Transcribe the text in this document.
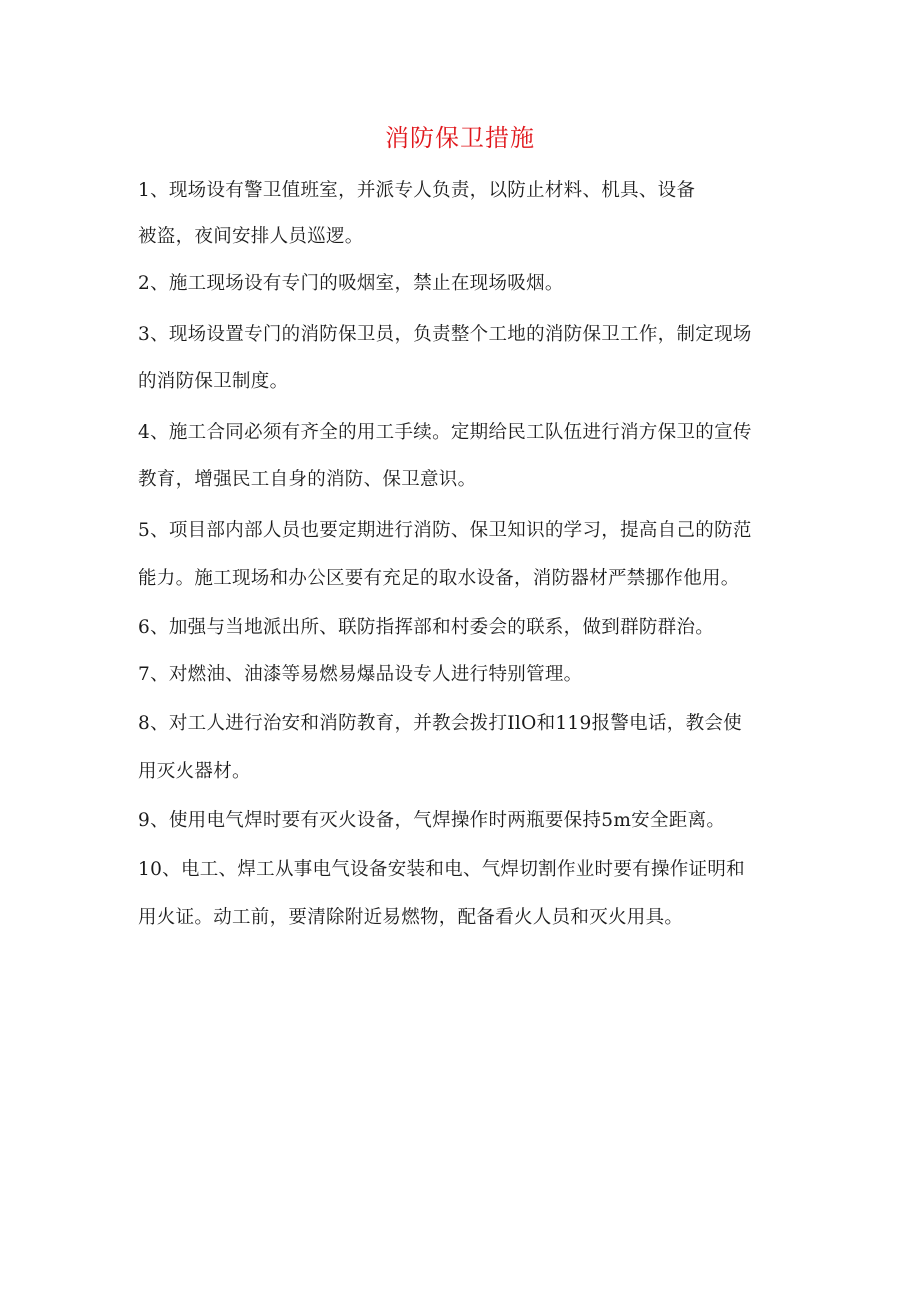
消防保卫措施
1、现场设有警卫值班室，并派专人负责，以防止材料、机具、设备
被盗，夜间安排人员巡逻。
2、施工现场设有专门的吸烟室，禁止在现场吸烟。
3、现场设置专门的消防保卫员，负责整个工地的消防保卫工作，制定现场
的消防保卫制度。
4、施工合同必须有齐全的用工手续。定期给民工队伍进行消方保卫的宣传
教育，增强民工自身的消防、保卫意识。
5、项目部内部人员也要定期进行消防、保卫知识的学习，提高自己的防范
能力。施工现场和办公区要有充足的取水设备，消防器材严禁挪作他用。
6、加强与当地派出所、联防指挥部和村委会的联系，做到群防群治。
7、对燃油、油漆等易燃易爆品设专人进行特别管理。
8、对工人进行治安和消防教育，并教会拨打IlO和119报警电话，教会使
用灭火器材。
9、使用电气焊时要有灭火设备，气焊操作时两瓶要保持5m安全距离。
10、电工、焊工从事电气设备安装和电、气焊切割作业时要有操作证明和
用火证。动工前，要清除附近易燃物，配备看火人员和灭火用具。
